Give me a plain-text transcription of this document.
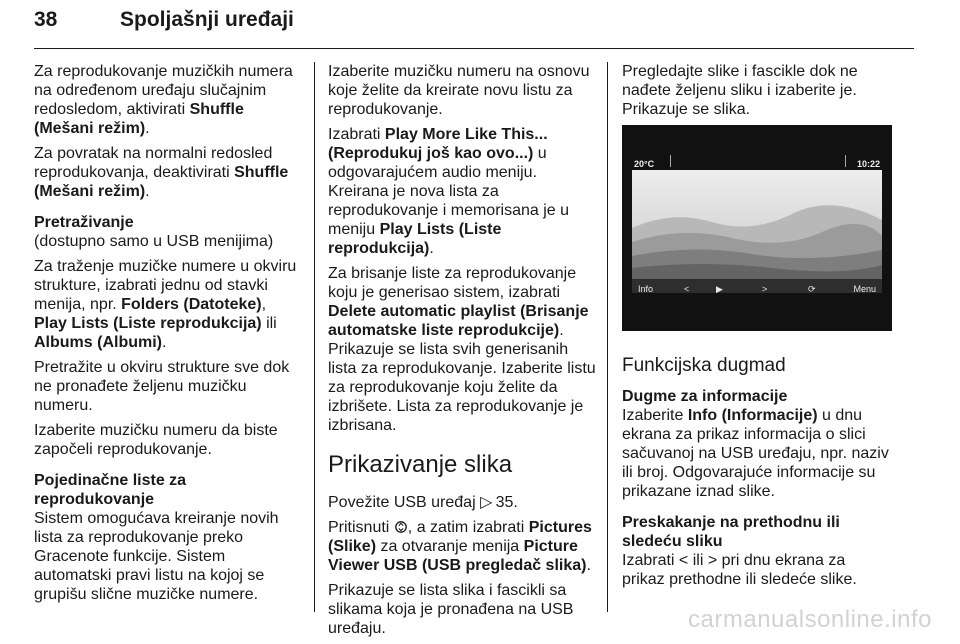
38	Spoljašnji uređaji

Za reprodukovanje muzičkih numera na određenom uređaju slučajnim redosledom, aktivirati Shuffle (Mešani režim).

Za povratak na normalni redosled reprodukovanja, deaktivirati Shuffle (Mešani režim).

Pretraživanje

(dostupno samo u USB menijima)

Za traženje muzičke numere u okviru strukture, izabrati jednu od stavki menija, npr. Folders (Datoteke), Play Lists (Liste reprodukcija) ili Albums (Albumi).

Pretražite u okviru strukture sve dok ne pronađete željenu muzičku numeru.

Izaberite muzičku numeru da biste započeli reprodukovanje.

Pojedinačne liste za reprodukovanje

Sistem omogućava kreiranje novih lista za reprodukovanje preko Gracenote funkcije. Sistem automatski pravi listu na kojoj se grupišu slične muzičke numere.

Izaberite muzičku numeru na osnovu koje želite da kreirate novu listu za reprodukovanje.

Izabrati Play More Like This... (Reprodukuj još kao ovo...) u odgovarajućem audio meniju.

Kreirana je nova lista za reprodukovanje i memorisana je u meniju Play Lists (Liste reprodukcija).

Za brisanje liste za reprodukovanje koju je generisao sistem, izabrati Delete automatic playlist (Brisanje automatske liste reprodukcije).

Prikazuje se lista svih generisanih lista za reprodukovanje. Izaberite listu za reprodukovanje koju želite da izbrišete. Lista za reprodukovanje je izbrisana.

Prikazivanje slika

Povežite USB uređaj ▷  35.

Pritisnuti , a zatim izabrati Pictures (Slike) za otvaranje menija Picture Viewer USB (USB pregledač slika).

Prikazuje se lista slika i fascikli sa slikama koja je pronađena na USB uređaju.

Pregledajte slike i fascikle dok ne nađete željenu sliku i izaberite je. Prikazuje se slika.

20°C	10:22
Info	<	▶	>	⟳	Menu
Funkcijska dugmad
Dugme za informacije

Izaberite Info (Informacije) u dnu ekrana za prikaz informacija o slici sačuvanoj na USB uređaju, npr. naziv ili broj. Odgovarajuće informacije su prikazane iznad slike.

Preskakanje na prethodnu ili sledeću sliku

Izabrati < ili > pri dnu ekrana za prikaz prethodne ili sledeće slike.

carmanualsonline.info
